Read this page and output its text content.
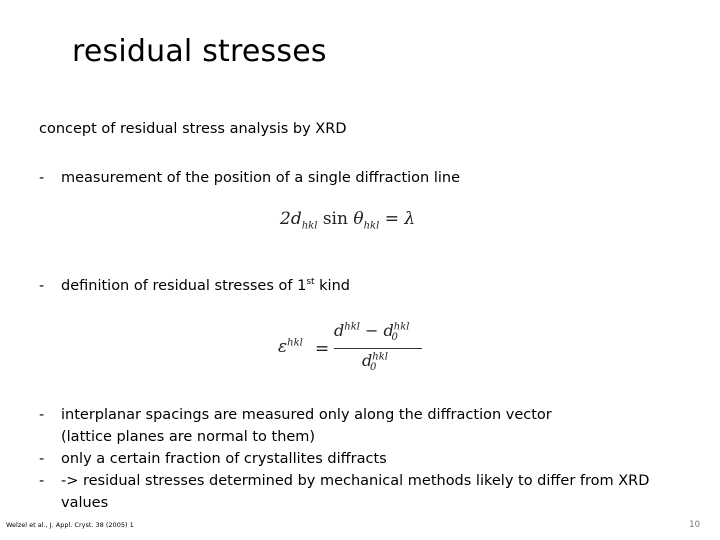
residual stresses
concept of residual stress analysis by XRD
- measurement of the position of a single diffraction line
$2d_{hkl}$ $\sin \theta_{hkl} = \lambda$
- definition of residual stresses of 1st kind
$\varepsilon^{hkl}$ =
$d^{hkl} - d^{hkl}_0$
$d^{hkl}_0$
- interplanar spacings are measured only along the diffraction vector
(lattice planes are normal to them)
- only a certain fraction of crystallites diffracts
- -> residual stresses determined by mechanical methods likely to differ from XRD
values
Welzel et al., J. Appl. Cryst. 38 (2005) 1	10
